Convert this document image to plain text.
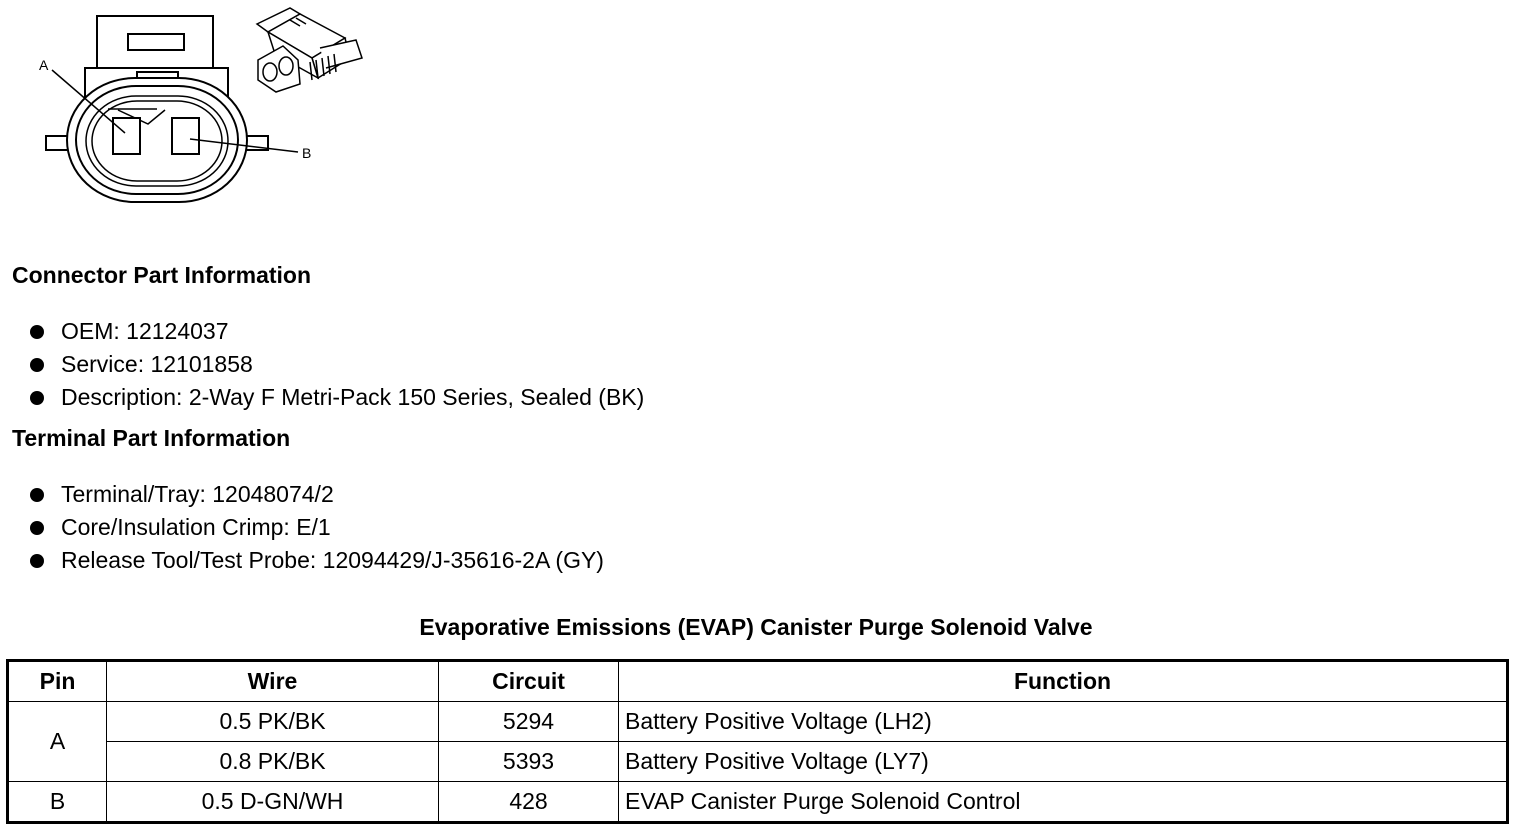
A
B
Connector Part Information
OEM: 12124037
Service: 12101858
Description: 2-Way F Metri-Pack 150 Series, Sealed (BK)
Terminal Part Information
Terminal/Tray: 12048074/2
Core/Insulation Crimp: E/1
Release Tool/Test Probe: 12094429/J-35616-2A (GY)
Evaporative Emissions (EVAP) Canister Purge Solenoid Valve
Pin	Wire	Circuit	Function
A	0.5 PK/BK	5294	Battery Positive Voltage (LH2)
	0.8 PK/BK	5393	Battery Positive Voltage (LY7)
B	0.5 D-GN/WH	428	EVAP Canister Purge Solenoid Control
